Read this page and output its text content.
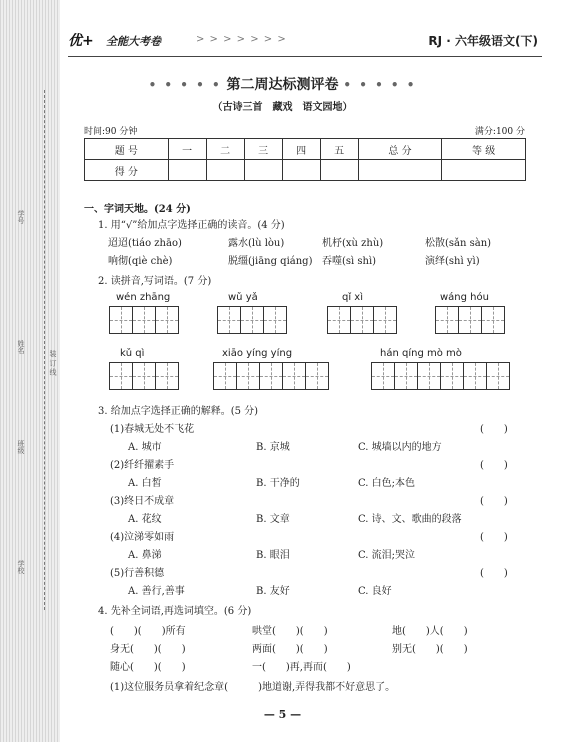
学号
姓名
装 订 线
班级
学校
优+ 全能大考卷	> > > > > > >	RJ · 六年级语文(下)
• • • • • 第二周达标测评卷 • • • • •
（古诗三首　藏戏　语文园地）
时间:90 分钟	满分:100 分
题 号	一	二	三	四	五	总 分	等 级
得 分							
一、字词天地。(24 分)
1. 用“√”给加点字选择正确的读音。(4 分)
迢迢(tiáo zhāo)	露水(lù lòu)	机杼(xù zhù)	松散(sǎn sàn)
响彻(qiè chè)	脱缰(jiāng qiáng) 吞噬(sì shì)	演绎(shì yì)
2. 读拼音,写词语。(7 分)
wén zhāng	wǔ yǎ	qǐ xì	wáng hóu
kǔ qì	xiāo yíng yíng	hán qíng mò mò
3. 给加点字选择正确的解释。(5 分)
(1)春城无处不飞花	(　　)
A. 城市	B. 京城	C. 城墙以内的地方
(2)纤纤擢素手	(　　)
A. 白皙	B. 干净的	C. 白色;本色
(3)终日不成章	(　　)
A. 花纹	B. 文章	C. 诗、文、歌曲的段落
(4)泣涕零如雨	(　　)
A. 鼻涕	B. 眼泪	C. 流泪;哭泣
(5)行善积德	(　　)
A. 善行,善事	B. 友好	C. 良好
4. 先补全词语,再选词填空。(6 分)
(　　)(　　)所有	哄堂(　　)(　　)	地(　　)人(　　)
身无(　　)(　　)	两面(　　)(　　)	别无(　　)(　　)
随心(　　)(　　)	一(　　)再,再而(　　)
(1)这位服务员拿着纪念章(　　　)地道谢,弄得我都不好意思了。
— 5 —
